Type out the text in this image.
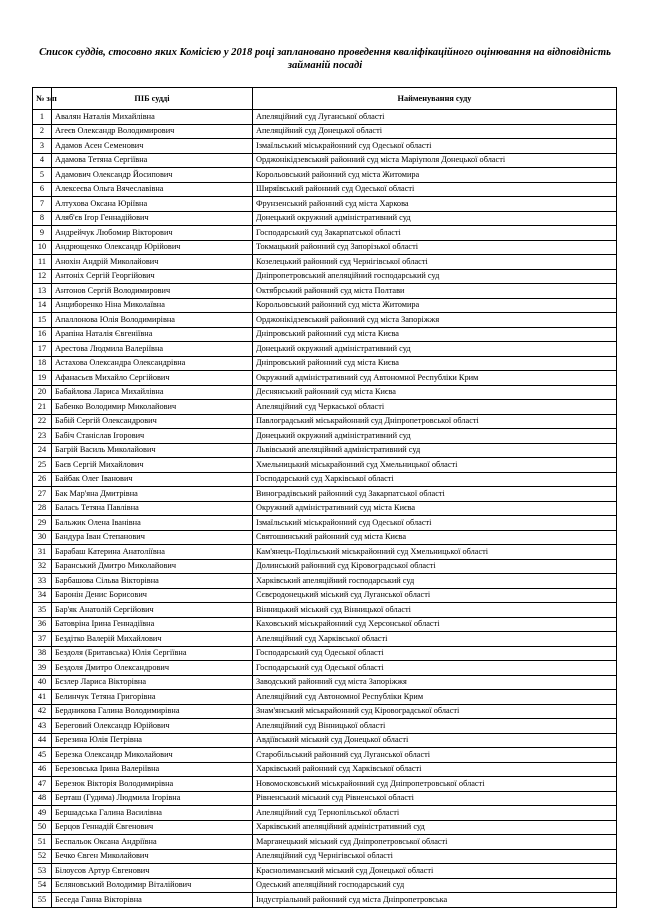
Список суддів, стосовно яких Комісією у 2018 році заплановано проведення кваліфікаційного оцінювання на відповідність
займаній посаді
№ з/п	ПІБ судді	Найменування суду
1	Авалян Наталія Михайлівна	Апеляційний суд Луганської області
2	Агеєв Олександр Володимирович	Апеляційний суд Донецької області
3	Адамов Асен Семенович	Ізмаїльський міськрайонний суд Одеської області
4	Адамова Тетяна Сергіївна	Орджонікідзевський районний суд міста Маріуполя Донецької області
5	Адамович Олександр Йосипович	Корольовський районний суд міста Житомира
6	Алексеєва Ольга Вячеславівна	Ширяївський районний суд Одеської області
7	Алтухова Оксана Юріївна	Фрунзенський районний суд міста Харкова
8	Аляб'єв Ігор Геннадійович	Донецький окружний адміністративний суд
9	Андрейчук Любомир Вікторович	Господарський суд Закарпатської області
10	Андрющенко Олександр Юрійович	Токмацький районний суд Запорізької області
11	Анохін Андрій Миколайович	Козелецький районний суд Чернігівської області
12	Антоніх Сергій Георгійович	Дніпропетровський апеляційний господарський суд
13	Антонов Сергій Володимирович	Октябрський районний суд міста Полтави
14	Анцибоpенко Ніна Миколаївна	Корольовський районний суд міста Житомира
15	Апаллонова Юлія Володимирівна	Орджонікідзевський районний суд міста Запоріжжя
16	Арапіна Наталія Євгеніївна	Дніпровський районний суд міста Києва
17	Арестова Людмила Валеріївна	Донецький окружний адміністративний суд
18	Астахова Олександра Олександрівна	Дніпровський районний суд міста Києва
19	Афанасьєв Михайло Сергійович	Окружний адміністративний суд Автономної Республіки Крим
20	Бабайлова Лариса Михайлівна	Деснянський районний суд міста Києва
21	Бабенко Володимир Миколайович	Апеляційний суд Черкаської області
22	Бабій Сергій Олександрович	Павлоградський міськрайонний суд Дніпропетровської області
23	Бабіч Станіслав Ігорович	Донецький окружний адміністративний суд
24	Багрій Василь Миколайович	Львівський апеляційний адміністративний суд
25	Баєв Сергій Михайлович	Хмельницький міськрайонний суд Хмельницької області
26	Байбак Олег Іванович	Господарський суд Харківської області
27	Бак Мар'яна Дмитрівна	Виноградівський районний суд Закарпатської області
28	Балась Тетяна Павлівна	Окружний адміністративний суд міста Києва
29	Бальжик Олена Іванівна	Ізмаїльський міськрайонний суд Одеської області
30	Бандура Іван Степанович	Святошинський районний суд міста Києва
31	Барабаш Катерина Анатоліївна	Кам'янець-Подільський міськрайонний суд Хмельницької області
32	Баранський Дмитро Миколайович	Долинський районний суд Кіровоградської області
33	Барбашова Сільва Вікторівна	Харківський апеляційний господарський суд
34	Баронін Денис Борисович	Сєвєродонецький міський суд Луганської області
35	Бар'як Анатолій Сергійович	Вінницький міський суд Вінницької області
36	Батовріна Ірина Геннадіївна	Каховський міськрайонний суд Херсонської області
37	Бездітко Валерій Михайлович	Апеляційний суд Харківської області
38	Бездоля (Бритавська) Юлія Сергіївна	Господарський суд Одеської області
39	Бездоля Дмитро Олександрович	Господарський суд Одеської області
40	Бєзлер Лариса Вікторівна	Заводський районний суд міста Запоріжжя
41	Белинчук Тетяна Григорівна	Апеляційний суд Автономної Республіки Крим
42	Бердникова Галина Володимирівна	Знам'янський міськрайонний суд Кіровоградської області
43	Береговий Олександр Юрійович	Апеляційний суд Вінницької області
44	Березина Юлія Петрівна	Авдіївський міський суд Донецької області
45	Березка Олександр Миколайович	Старобільський районний суд Луганської області
46	Березовська Ірина Валеріївна	Харківський районний суд Харківської області
47	Березюк Вікторія Володимирівна	Новомосковський міськрайонний суд Дніпропетровської області
48	Берташ (Гудима) Людмила Ігорівна	Рівненський міський суд Рівненської області
49	Бершадська Галина Василівна	Апеляційний суд Тернопільської області
50	Берцов Геннадій Євгенович	Харківський апеляційний адміністративний суд
51	Беспальок Оксана Андріївна	Марганецький міський суд Дніпропетровської області
52	Бечко Євген Миколайович	Апеляційний суд Чернігівської області
53	Білоусов Артур Євгенович	Краснолиманський міський суд Донецької області
54	Бєляновський Володимир Віталійович	Одеський апеляційний господарський суд
55	Беседа Ганна Вікторівна	Індустріальний районний суд міста Дніпропетровська
